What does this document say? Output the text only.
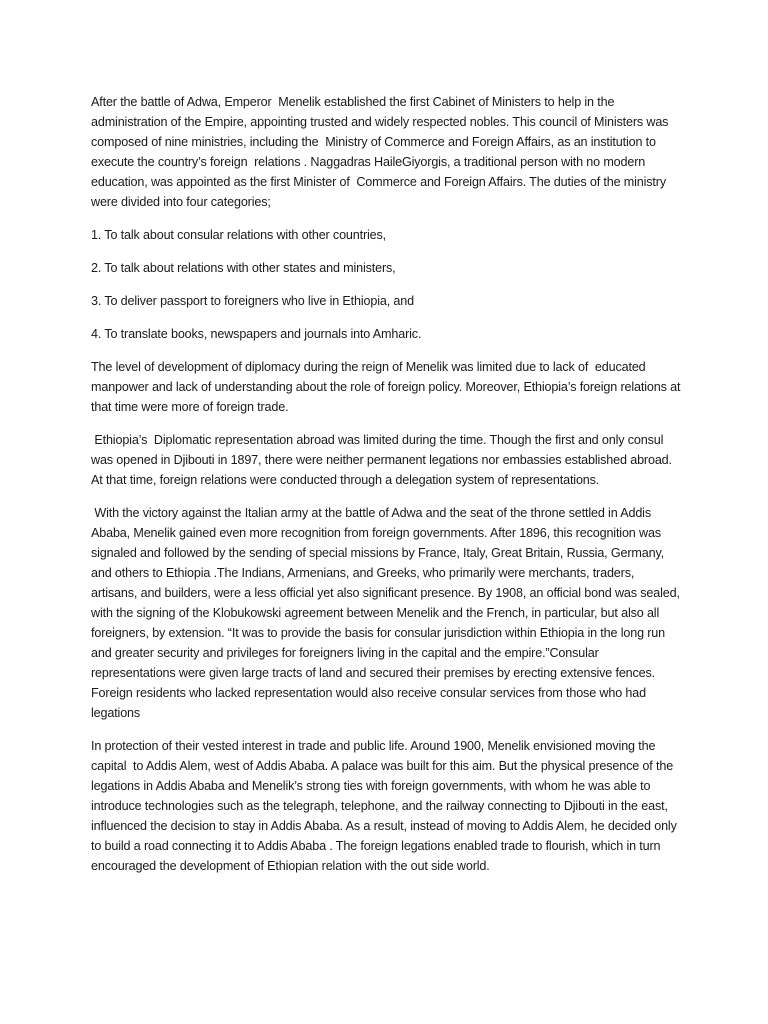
After the battle of Adwa, Emperor  Menelik established the first Cabinet of Ministers to help in the administration of the Empire, appointing trusted and widely respected nobles. This council of Ministers was composed of nine ministries, including the  Ministry of Commerce and Foreign Affairs, as an institution to execute the country’s foreign  relations . Naggadras HaileGiyorgis, a traditional person with no modern education, was appointed as the first Minister of  Commerce and Foreign Affairs. The duties of the ministry  were divided into four categories;

1. To talk about consular relations with other countries,

2. To talk about relations with other states and ministers,

3. To deliver passport to foreigners who live in Ethiopia, and

4. To translate books, newspapers and journals into Amharic.

The level of development of diplomacy during the reign of Menelik was limited due to lack of  educated manpower and lack of understanding about the role of foreign policy. Moreover, Ethiopia’s foreign relations at that time were more of foreign trade.

Ethiopia’s  Diplomatic representation abroad was limited during the time. Though the first and only consul was opened in Djibouti in 1897, there were neither permanent legations nor embassies established abroad. At that time, foreign relations were conducted through a delegation system of representations.

With the victory against the Italian army at the battle of Adwa and the seat of the throne settled in Addis Ababa, Menelik gained even more recognition from foreign governments. After 1896, this recognition was signaled and followed by the sending of special missions by France, Italy, Great Britain, Russia, Germany, and others to Ethiopia .The Indians, Armenians, and Greeks, who primarily were merchants, traders, artisans, and builders, were a less official yet also significant presence. By 1908, an official bond was sealed, with the signing of the Klobukowski agreement between Menelik and the French, in particular, but also all foreigners, by extension. “It was to provide the basis for consular jurisdiction within Ethiopia in the long run and greater security and privileges for foreigners living in the capital and the empire.”Consular representations were given large tracts of land and secured their premises by erecting extensive fences. Foreign residents who lacked representation would also receive consular services from those who had legations

In protection of their vested interest in trade and public life. Around 1900, Menelik envisioned moving the capital  to Addis Alem, west of Addis Ababa. A palace was built for this aim. But the physical presence of the legations in Addis Ababa and Menelik’s strong ties with foreign governments, with whom he was able to introduce technologies such as the telegraph, telephone, and the railway connecting to Djibouti in the east, influenced the decision to stay in Addis Ababa. As a result, instead of moving to Addis Alem, he decided only to build a road connecting it to Addis Ababa . The foreign legations enabled trade to flourish, which in turn encouraged the development of Ethiopian relation with the out side world.
